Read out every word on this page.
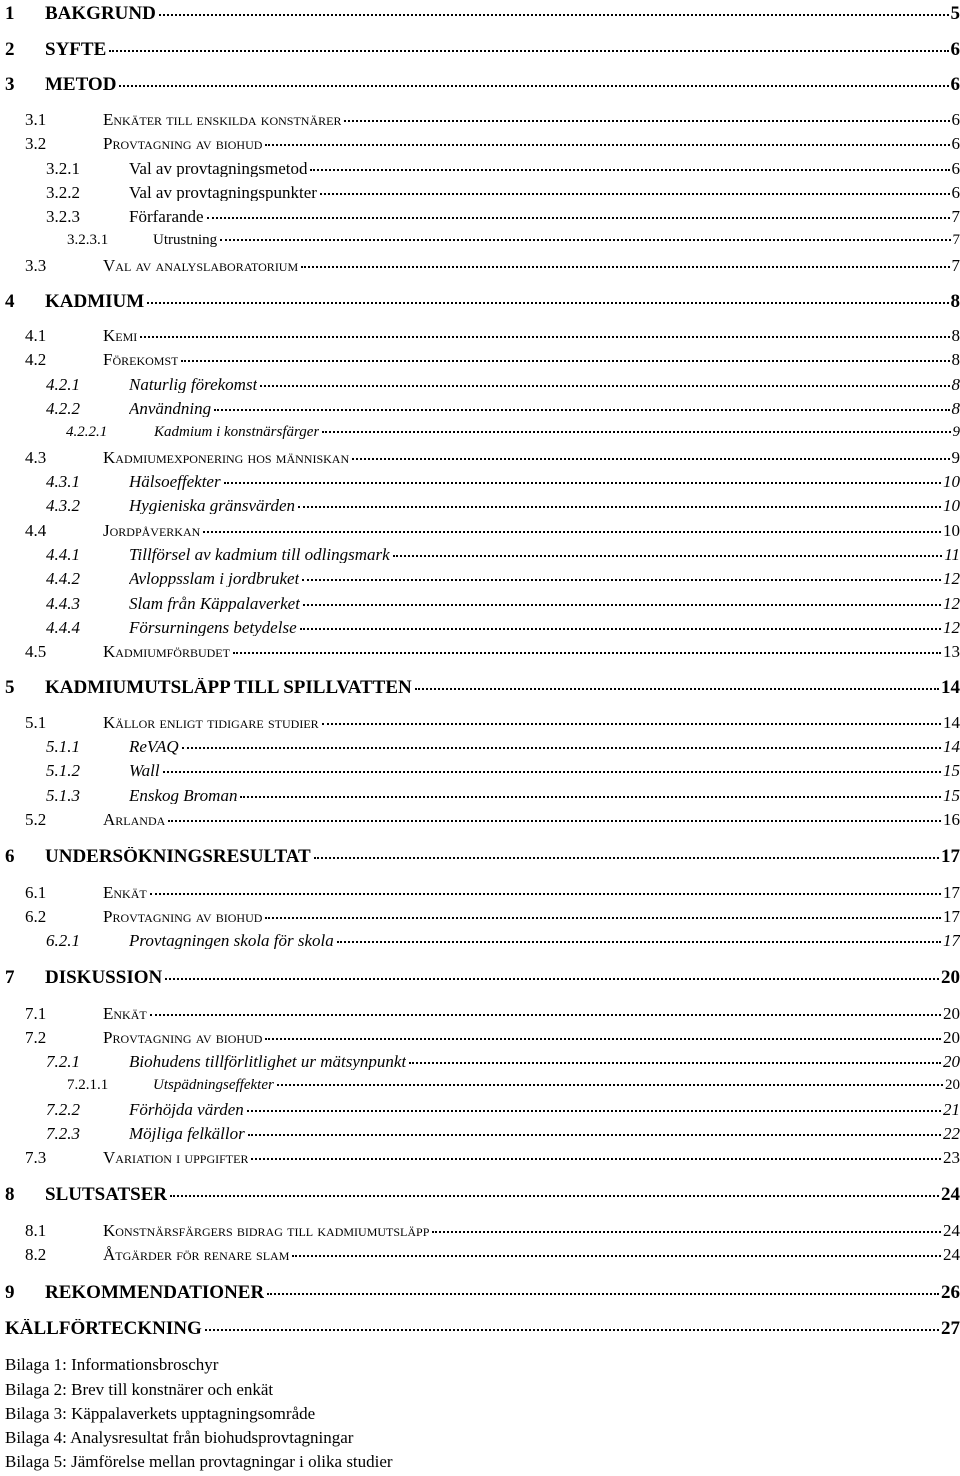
1	BAKGRUND	5
2	SYFTE	6
3	METOD	6
3.1	Enkäter till enskilda konstnärer	6
3.2	Provtagning av biohud	6
3.2.1	Val av provtagningsmetod	6
3.2.2	Val av provtagningspunkter	6
3.2.3	Förfarande	7
3.2.3.1	Utrustning	7
3.3	Val av analyslaboratorium	7
4	KADMIUM	8
4.1	Kemi	8
4.2	Förekomst	8
4.2.1	Naturlig förekomst	8
4.2.2	Användning	8
4.2.2.1	Kadmium i konstnärsfärger	9
4.3	Kadmiumexponering hos människan	9
4.3.1	Hälsoeffekter	10
4.3.2	Hygieniska gränsvärden	10
4.4	Jordpåverkan	10
4.4.1	Tillförsel av kadmium till odlingsmark	11
4.4.2	Avloppsslam i jordbruket	12
4.4.3	Slam från Käppalaverket	12
4.4.4	Försurningens betydelse	12
4.5	Kadmiumförbudet	13
5	KADMIUMUTSLÄPP TILL SPILLVATTEN	14
5.1	Källor enligt tidigare studier	14
5.1.1	ReVAQ	14
5.1.2	Wall	15
5.1.3	Enskog Broman	15
5.2	Arlanda	16
6	UNDERSÖKNINGSRESULTAT	17
6.1	Enkät	17
6.2	Provtagning av biohud	17
6.2.1	Provtagningen skola för skola	17
7	DISKUSSION	20
7.1	Enkät	20
7.2	Provtagning av biohud	20
7.2.1	Biohudens tillförlitlighet ur mätsynpunkt	20
7.2.1.1	Utspädningseffekter	20
7.2.2	Förhöjda värden	21
7.2.3	Möjliga felkällor	22
7.3	Variation i uppgifter	23
8	SLUTSATSER	24
8.1	Konstnärsfärgers bidrag till kadmiumutsläpp	24
8.2	Åtgärder för renare slam	24
9	REKOMMENDATIONER	26
KÄLLFÖRTECKNING	27
Bilaga 1: Informationsbroschyr
Bilaga 2: Brev till konstnärer och enkät
Bilaga 3: Käppalaverkets upptagningsområde
Bilaga 4: Analysresultat från biohudsprovtagningar
Bilaga 5: Jämförelse mellan provtagningar i olika studier
